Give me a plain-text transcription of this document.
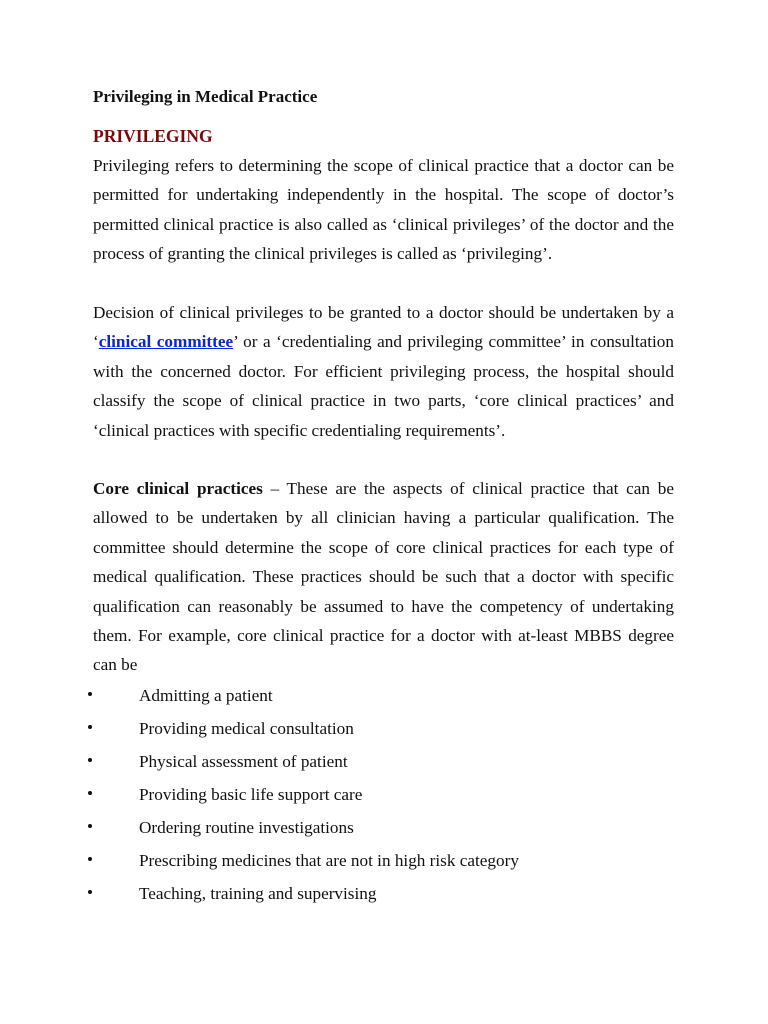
Privileging in Medical Practice
PRIVILEGING

Privileging refers to determining the scope of clinical practice that a doctor can be permitted for undertaking independently in the hospital. The scope of doctor’s permitted clinical practice is also called as ‘clinical privileges’ of the doctor and the process of granting the clinical privileges is called as ‘privileging’.

Decision of clinical privileges to be granted to a doctor should be undertaken by a ‘clinical committee’ or a ‘credentialing and privileging committee’ in consultation with the concerned doctor. For efficient privileging process, the hospital should classify the scope of clinical practice in two parts, ‘core clinical practices’ and ‘clinical practices with specific credentialing requirements’.

Core clinical practices – These are the aspects of clinical practice that can be allowed to be undertaken by all clinician having a particular qualification. The committee should determine the scope of core clinical practices for each type of medical qualification. These practices should be such that a doctor with specific qualification can reasonably be assumed to have the competency of undertaking them. For example, core clinical practice for a doctor with at-least MBBS degree can be

Admitting a patient
Providing medical consultation
Physical assessment of patient
Providing basic life support care
Ordering routine investigations
Prescribing medicines that are not in high risk category
Teaching, training and supervising
